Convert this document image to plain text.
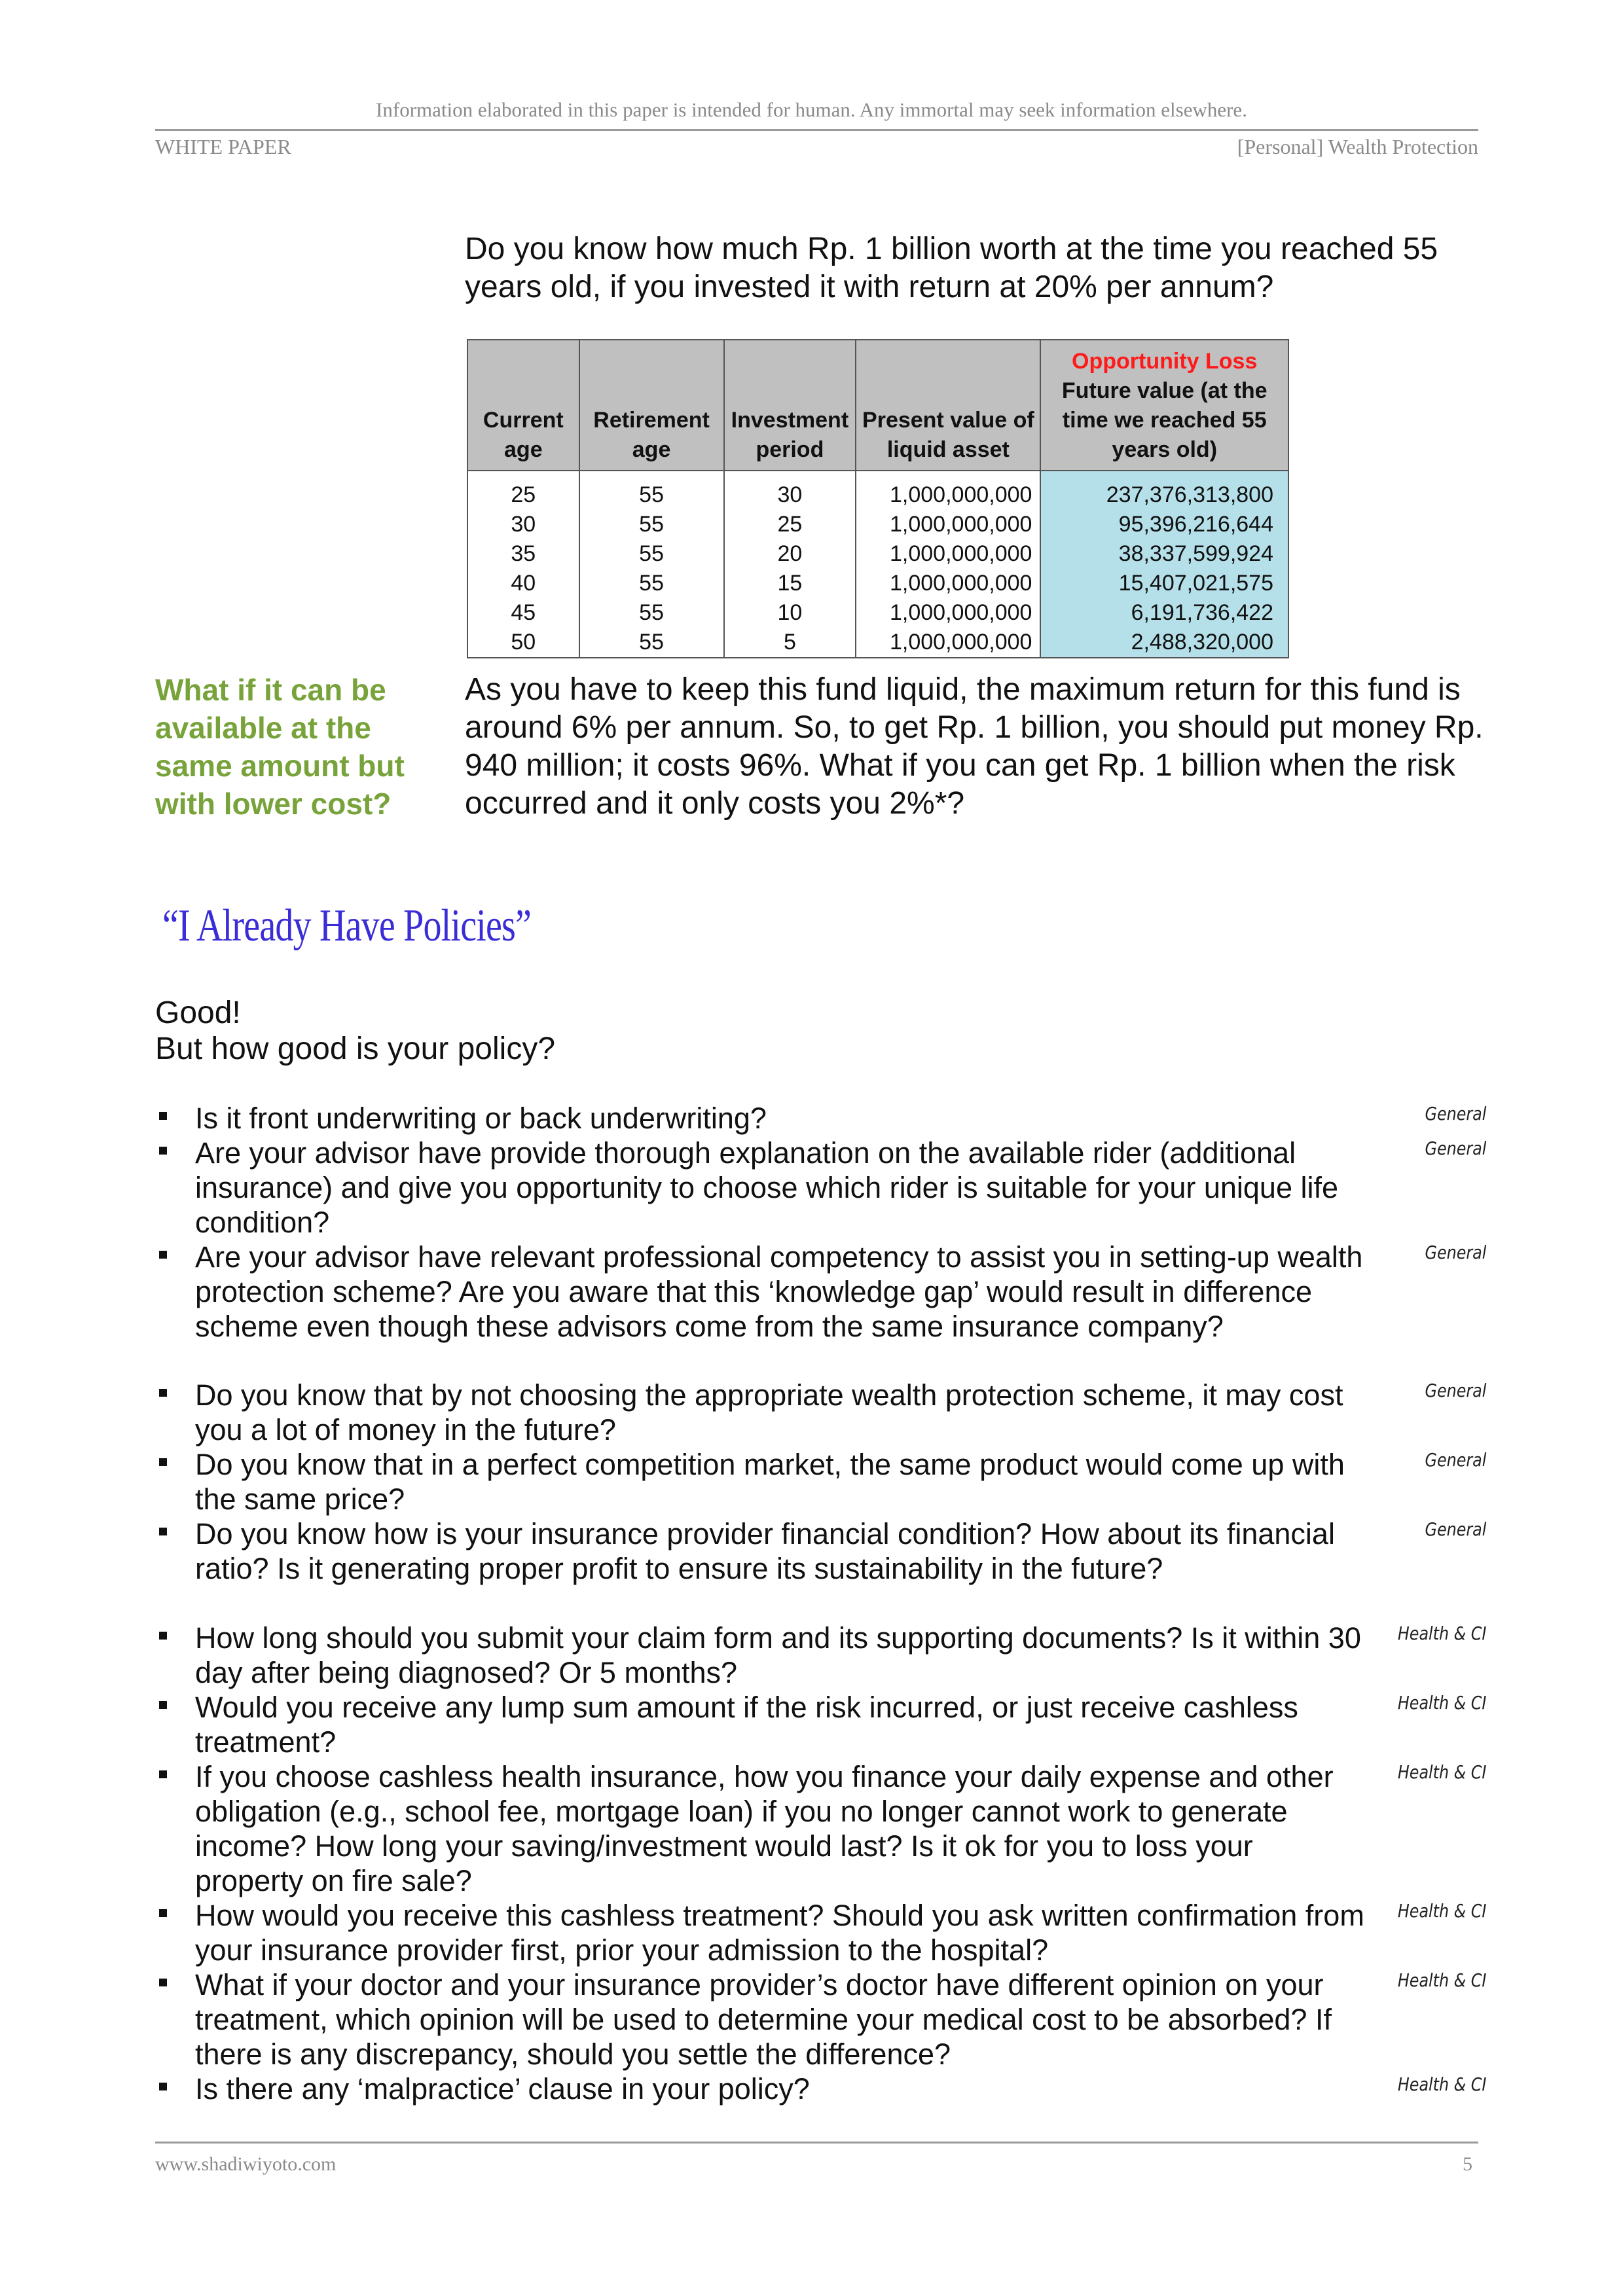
Information elaborated in this paper is intended for human. Any immortal may seek information elsewhere.
WHITE PAPER	[Personal] Wealth Protection

Do you know how much Rp. 1 billion worth at the time you reached 55 years old, if you invested it with return at 20% per annum?

Current age	Retirement age	Investment period	Present value of liquid asset	Opportunity Loss
Future value (at the time we reached 55 years old)
25	55	30	1,000,000,000	237,376,313,800
30	55	25	1,000,000,000	95,396,216,644
35	55	20	1,000,000,000	38,337,599,924
40	55	15	1,000,000,000	15,407,021,575
45	55	10	1,000,000,000	6,191,736,422
50	55	5	1,000,000,000	2,488,320,000

What if it can be available at the same amount but with lower cost?

As you have to keep this fund liquid, the maximum return for this fund is around 6% per annum. So, to get Rp. 1 billion, you should put money Rp. 940 million; it costs 96%. What if you can get Rp. 1 billion when the risk occurred and it only costs you 2%*?

“I Already Have Policies”

Good!

But how good is your policy?

Is it front underwriting or back underwriting?	General
Are your advisor have provide thorough explanation on the available rider (additional insurance) and give you opportunity to choose which rider is suitable for your unique life condition?
General
Are your advisor have relevant professional competency to assist you in setting-up wealth protection scheme? Are you aware that this ‘knowledge gap’ would result in difference scheme even though these advisors come from the same insurance company?
General
Do you know that by not choosing the appropriate wealth protection scheme, it may cost you a lot of money in the future?
General
Do you know that in a perfect competition market, the same product would come up with the same price?
General
Do you know how is your insurance provider financial condition? How about its financial ratio? Is it generating proper profit to ensure its sustainability in the future?
General
How long should you submit your claim form and its supporting documents? Is it within 30 day after being diagnosed? Or 5 months?
Health & CI
Would you receive any lump sum amount if the risk incurred, or just receive cashless treatment?
Health & CI
If you choose cashless health insurance, how you finance your daily expense and other obligation (e.g., school fee, mortgage loan) if you no longer cannot work to generate income? How long your saving/investment would last? Is it ok for you to loss your property on fire sale?
Health & CI
How would you receive this cashless treatment? Should you ask written confirmation from your insurance provider first, prior your admission to the hospital?
Health & CI
What if your doctor and your insurance provider’s doctor have different opinion on your treatment, which opinion will be used to determine your medical cost to be absorbed? If there is any discrepancy, should you settle the difference?
Health & CI
Is there any ‘malpractice’ clause in your policy?	Health & CI
www.shadiwiyoto.com	5
